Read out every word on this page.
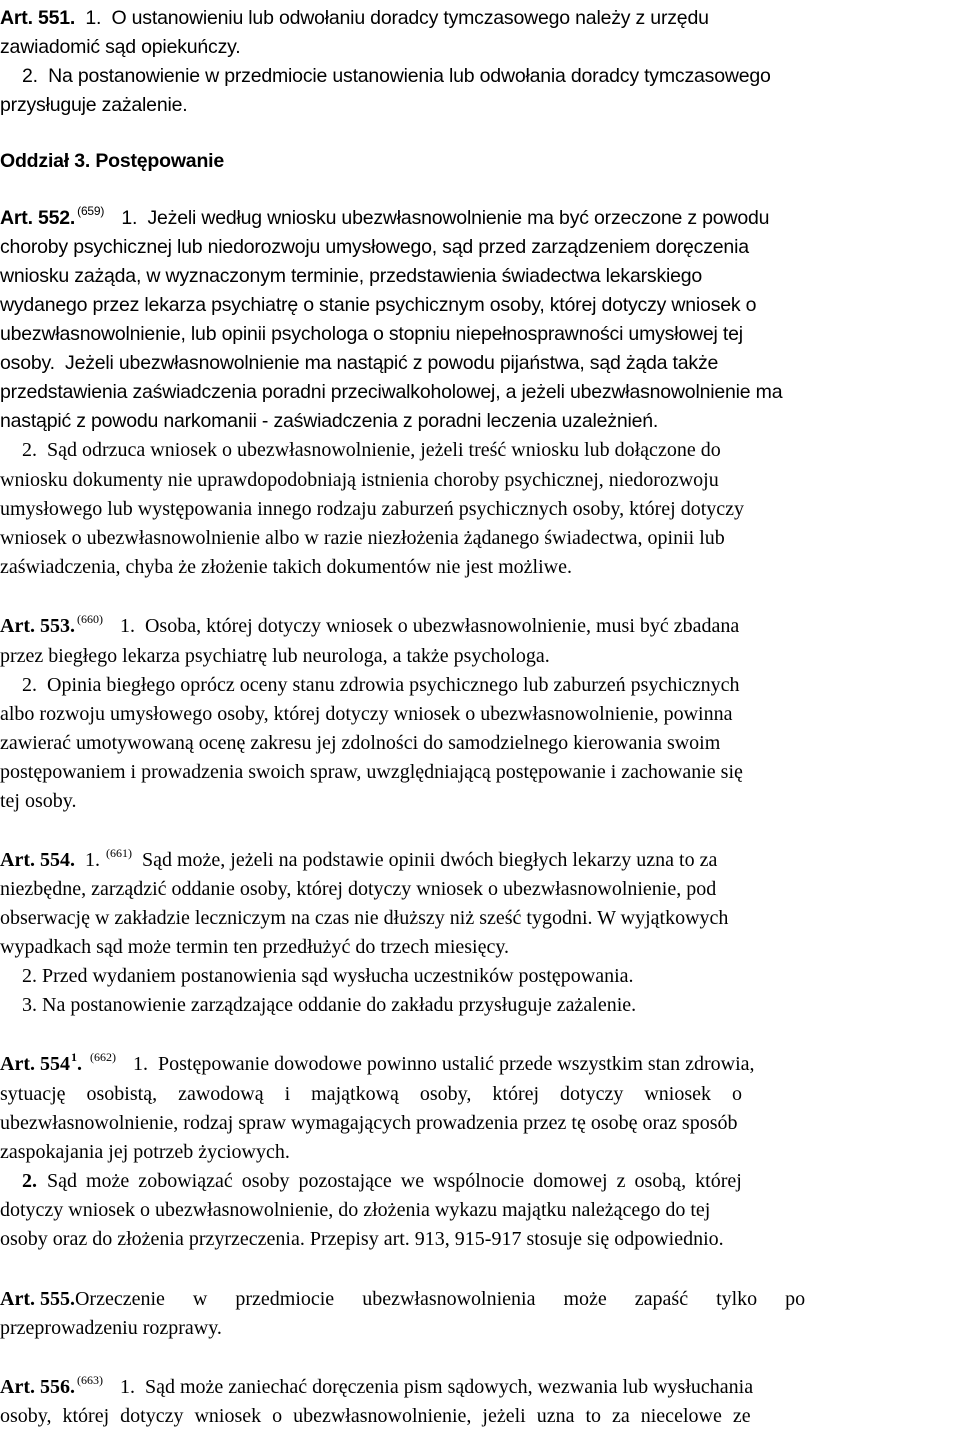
Art. 551. 1. O ustanowieniu lub odwołaniu doradcy tymczasowego należy z urzędu
zawiadomić sąd opiekuńczy.
2. Na postanowienie w przedmiocie ustanowienia lub odwołania doradcy tymczasowego
przysługuje zażalenie.
Oddział 3. Postępowanie
Art. 552. $^{(659)}$ 1. Jeżeli według wniosku ubezwłasnowolnienie ma być orzeczone z powodu
choroby psychicznej lub niedorozwoju umysłowego, sąd przed zarządzeniem doręczenia
wniosku zażąda, w wyznaczonym terminie, przedstawienia świadectwa lekarskiego
wydanego przez lekarza psychiatrę o stanie psychicznym osoby, której dotyczy wniosek o
ubezwłasnowolnienie, lub opinii psychologa o stopniu niepełnosprawności umysłowej tej
osoby. Jeżeli ubezwłasnowolnienie ma nastąpić z powodu pijaństwa, sąd żąda także
przedstawienia zaświadczenia poradni przeciwalkoholowej, a jeżeli ubezwłasnowolnienie ma
nastąpić z powodu narkomanii - zaświadczenia z poradni leczenia uzależnień.
2. Sąd odrzuca wniosek o ubezwłasnowolnienie, jeżeli treść wniosku lub dołączone do
wniosku dokumenty nie uprawdopodobniają istnienia choroby psychicznej, niedorozwoju
umysłowego lub występowania innego rodzaju zaburzeń psychicznych osoby, której dotyczy
wniosek o ubezwłasnowolnienie albo w razie niezłożenia żądanego świadectwa, opinii lub
zaświadczenia, chyba że złożenie takich dokumentów nie jest możliwe.
Art. 553. $^{(660)}$ 1. Osoba, której dotyczy wniosek o ubezwłasnowolnienie, musi być zbadana
przez biegłego lekarza psychiatrę lub neurologa, a także psychologa.
2. Opinia biegłego oprócz oceny stanu zdrowia psychicznego lub zaburzeń psychicznych
albo rozwoju umysłowego osoby, której dotyczy wniosek o ubezwłasnowolnienie, powinna
zawierać umotywowaną ocenę zakresu jej zdolności do samodzielnego kierowania swoim
postępowaniem i prowadzenia swoich spraw, uwzględniającą postępowanie i zachowanie się
tej osoby.
Art. 554. 1. $^{(661)}$ Sąd może, jeżeli na podstawie opinii dwóch biegłych lekarzy uzna to za
niezbędne, zarządzić oddanie osoby, której dotyczy wniosek o ubezwłasnowolnienie, pod
obserwację w zakładzie leczniczym na czas nie dłuższy niż sześć tygodni. W wyjątkowych
wypadkach sąd może termin ten przedłużyć do trzech miesięcy.
2. Przed wydaniem postanowienia sąd wysłucha uczestników postępowania.
3. Na postanowienie zarządzające oddanie do zakładu przysługuje zażalenie.
Art. $554^1$. $^{(662)}$ 1. Postępowanie dowodowe powinno ustalić przede wszystkim stan zdrowia,
sytuację osobistą, zawodową i majątkową osoby, której dotyczy wniosek o
ubezwłasnowolnienie, rodzaj spraw wymagających prowadzenia przez tę osobę oraz sposób
zaspokajania jej potrzeb życiowych.
2. Sąd może zobowiązać osoby pozostające we wspólnocie domowej z osobą, której
dotyczy wniosek o ubezwłasnowolnienie, do złożenia wykazu majątku należącego do tej
osoby oraz do złożenia przyrzeczenia. Przepisy art. 913, 915-917 stosuje się odpowiednio.
Art. 555.Orzeczenie w przedmiocie ubezwłasnowolnienia może zapaść tylko po
przeprowadzeniu rozprawy.
Art. 556. $^{(663)}$ 1. Sąd może zaniechać doręczenia pism sądowych, wezwania lub wysłuchania
osoby, której dotyczy wniosek o ubezwłasnowolnienie, jeżeli uzna to za niecelowe ze
